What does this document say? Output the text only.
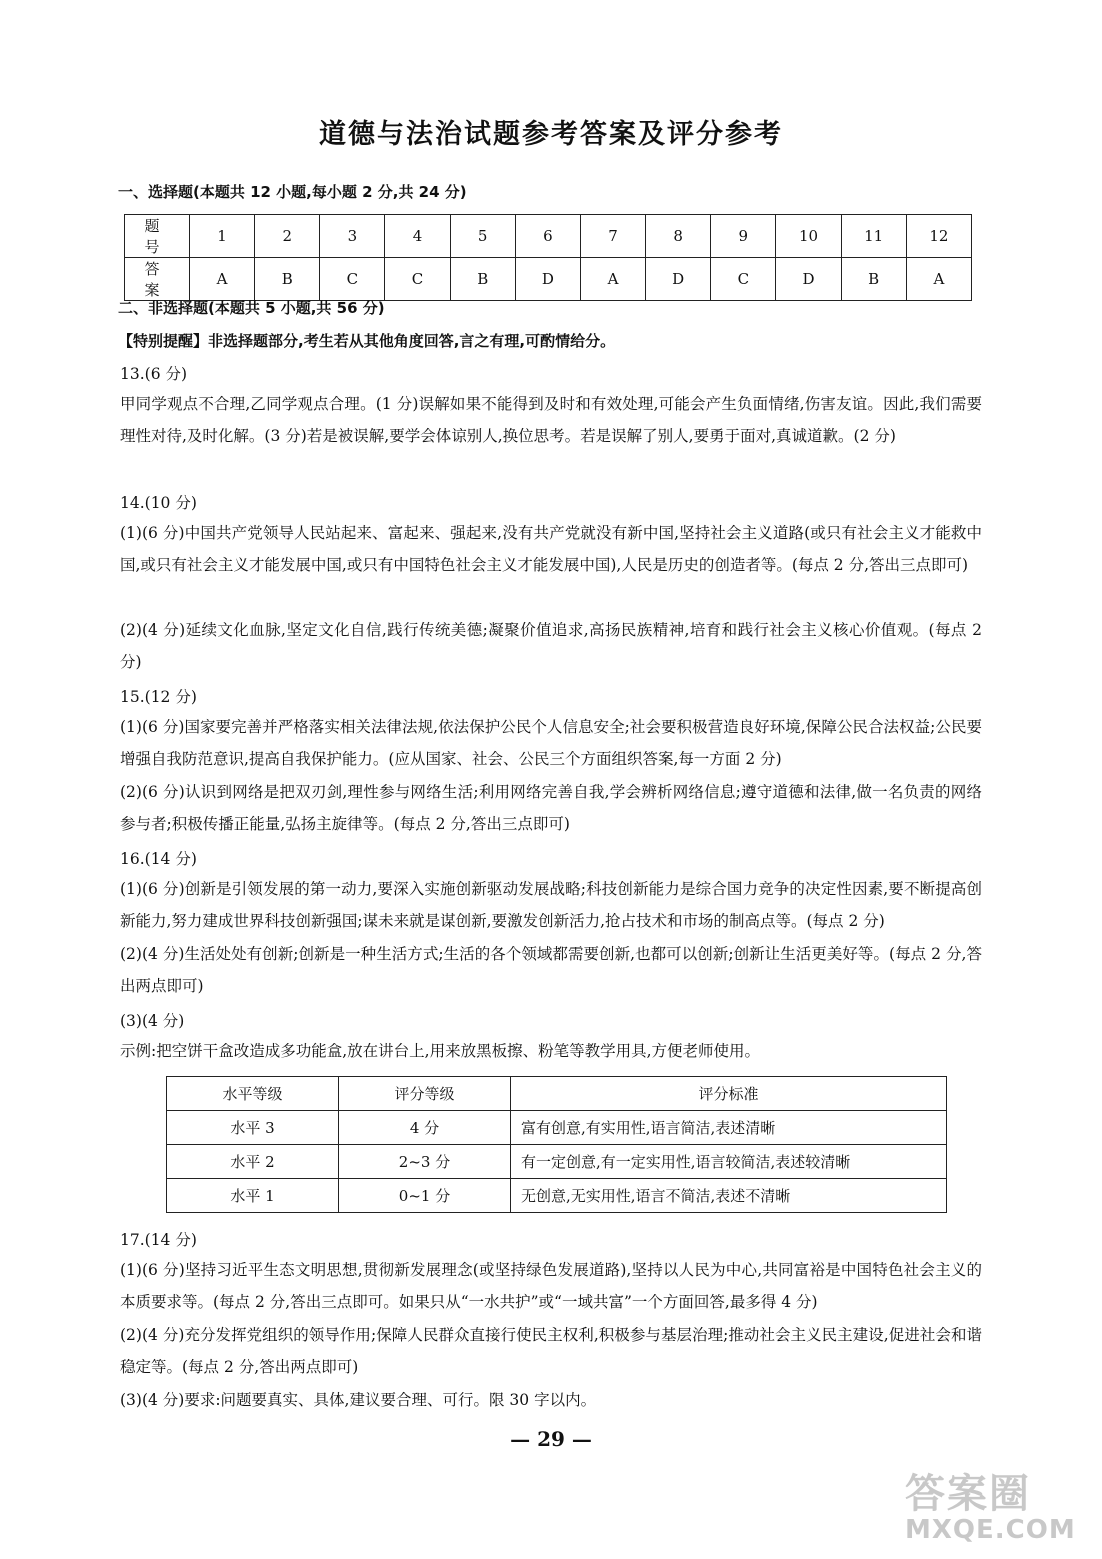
道德与法治试题参考答案及评分参考
一、选择题(本题共 12 小题,每小题 2 分,共 24 分)
题 号	1	2	3	4	5	6	7	8	9	10	11	12
答 案	A	B	C	C	B	D	A	D	C	D	B	A
二、非选择题(本题共 5 小题,共 56 分)
【特别提醒】非选择题部分,考生若从其他角度回答,言之有理,可酌情给分。
13.(6 分)
甲同学观点不合理,乙同学观点合理。(1 分)误解如果不能得到及时和有效处理,可能会产生负面情绪,伤害友谊。因此,我们需要理性对待,及时化解。(3 分)若是被误解,要学会体谅别人,换位思考。若是误解了别人,要勇于面对,真诚道歉。(2 分)
14.(10 分)
(1)(6 分)中国共产党领导人民站起来、富起来、强起来,没有共产党就没有新中国,坚持社会主义道路(或只有社会主义才能救中国,或只有社会主义才能发展中国,或只有中国特色社会主义才能发展中国),人民是历史的创造者等。(每点 2 分,答出三点即可)
(2)(4 分)延续文化血脉,坚定文化自信,践行传统美德;凝聚价值追求,高扬民族精神,培育和践行社会主义核心价值观。(每点 2 分)
15.(12 分)
(1)(6 分)国家要完善并严格落实相关法律法规,依法保护公民个人信息安全;社会要积极营造良好环境,保障公民合法权益;公民要增强自我防范意识,提高自我保护能力。(应从国家、社会、公民三个方面组织答案,每一方面 2 分)
(2)(6 分)认识到网络是把双刃剑,理性参与网络生活;利用网络完善自我,学会辨析网络信息;遵守道德和法律,做一名负责的网络参与者;积极传播正能量,弘扬主旋律等。(每点 2 分,答出三点即可)
16.(14 分)
(1)(6 分)创新是引领发展的第一动力,要深入实施创新驱动发展战略;科技创新能力是综合国力竞争的决定性因素,要不断提高创新能力,努力建成世界科技创新强国;谋未来就是谋创新,要激发创新活力,抢占技术和市场的制高点等。(每点 2 分)
(2)(4 分)生活处处有创新;创新是一种生活方式;生活的各个领域都需要创新,也都可以创新;创新让生活更美好等。(每点 2 分,答出两点即可)
(3)(4 分)
示例:把空饼干盒改造成多功能盒,放在讲台上,用来放黑板擦、粉笔等教学用具,方便老师使用。
水平等级	评分等级	评分标准
水平 3	4 分	富有创意,有实用性,语言简洁,表述清晰
水平 2	2~3 分	有一定创意,有一定实用性,语言较简洁,表述较清晰
水平 1	0~1 分	无创意,无实用性,语言不简洁,表述不清晰
17.(14 分)
(1)(6 分)坚持习近平生态文明思想,贯彻新发展理念(或坚持绿色发展道路),坚持以人民为中心,共同富裕是中国特色社会主义的本质要求等。(每点 2 分,答出三点即可。如果只从“一水共护”或“一域共富”一个方面回答,最多得 4 分)
(2)(4 分)充分发挥党组织的领导作用;保障人民群众直接行使民主权利,积极参与基层治理;推动社会主义民主建设,促进社会和谐稳定等。(每点 2 分,答出两点即可)
(3)(4 分)要求:问题要真实、具体,建议要合理、可行。限 30 字以内。
— 29 —
答案圈
MXQE.COM
